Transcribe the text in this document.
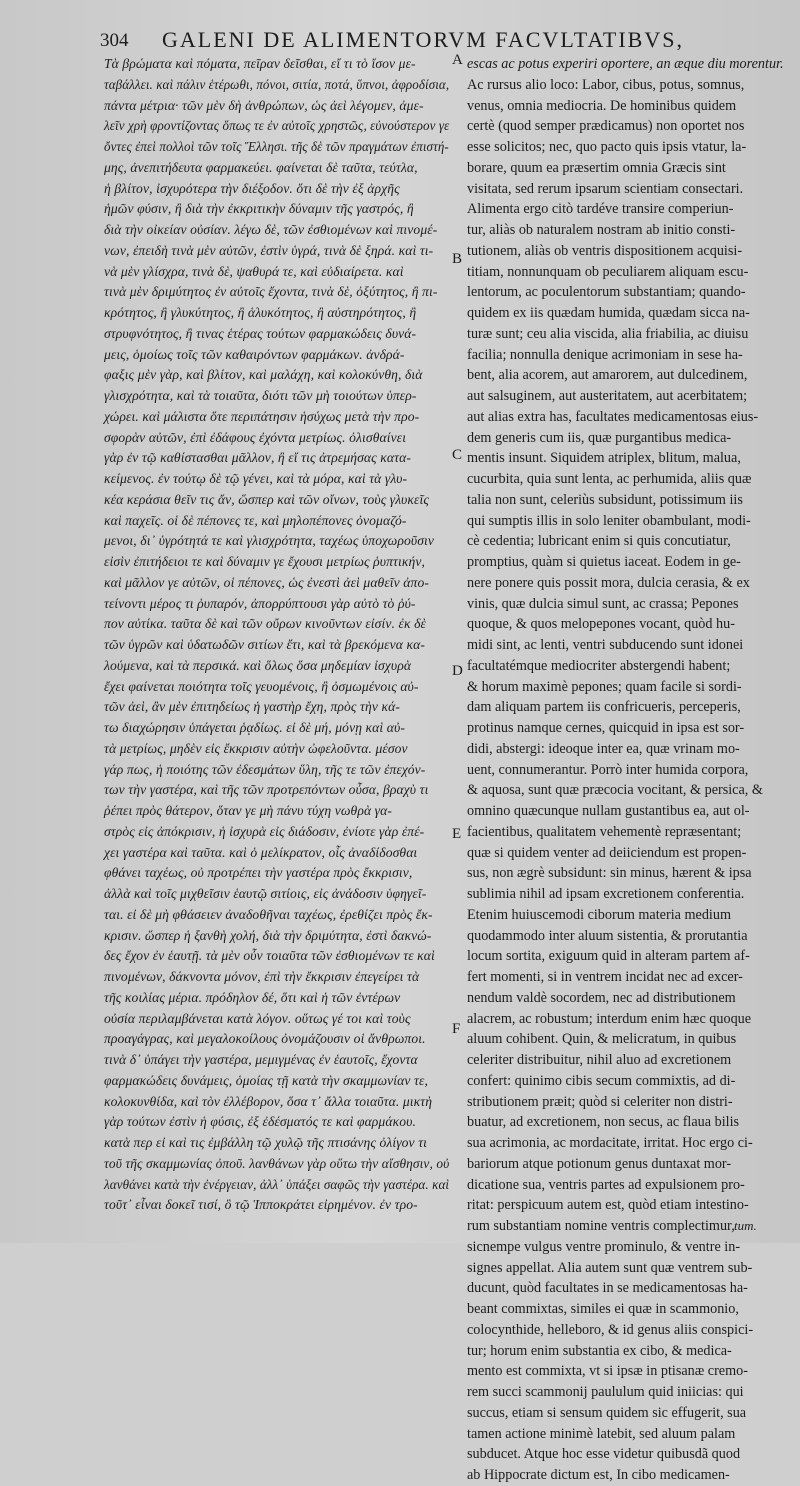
304 GALENI DE ALIMENTORVM FACVLTATIBVS,
Τὰ βρώματα καὶ πόματα, πεῖραν δεῖσθαι, εἴ τι τὸ ἴσον με-
ταβάλλει. καὶ πάλιν ἑτέρωθι, πόνοι, σιτία, ποτά, ὕπνοι, ἀφροδίσια,
πάντα μέτρια· τῶν μὲν δὴ ἀνθρώπων, ὡς ἀεὶ λέγομεν, ἀμε-
λεῖν χρὴ φροντίζοντας ὅπως τε ἐν αὐτοῖς χρηστῶς, εὐνούστερον γε
ὄντες ἐπεὶ πολλοὶ τῶν τοῖς Ἕλλησι. τῆς δὲ τῶν πραγμάτων ἐπιστή-
μης, ἀνεπιτήδευτα φαρμακεύει. φαίνεται δὲ ταῦτα, τεύτλα,
ἡ βλίτον, ἰσχυρότερα τὴν διέξοδον. ὅτι δὲ τὴν ἐξ ἀρχῆς
ἡμῶν φύσιν, ἢ διὰ τὴν ἐκκριτικὴν δύναμιν τῆς γαστρός, ἢ
διὰ τὴν οἰκείαν οὐσίαν. λέγω δὲ, τῶν ἐσθιομένων καὶ πινομέ-
νων, ἐπειδὴ τινὰ μὲν αὐτῶν, ἐστὶν ὑγρά, τινὰ δὲ ξηρά. καὶ τι-
νὰ μὲν γλίσχρα, τινὰ δὲ, ψαθυρά τε, καὶ εὐδιαίρετα. καὶ
τινὰ μὲν δριμύτητος ἐν αὐτοῖς ἔχοντα, τινὰ δὲ, ὀξύτητος, ἢ πι-
κρότητος, ἢ γλυκύτητος, ἢ ἁλυκότητος, ἢ αὐστηρότητος, ἢ
στρυφνότητος, ἢ τινας ἑτέρας τούτων φαρμακώδεις δυνά-
μεις, ὁμοίως τοῖς τῶν καθαιρόντων φαρμάκων. ἀνδρά-
φαξις μὲν γὰρ, καὶ βλίτον, καὶ μαλάχη, καὶ κολοκύνθη, διὰ
γλισχρότητα, καὶ τὰ τοιαῦτα, διότι τῶν μὴ τοιούτων ὑπερ-
χώρει. καὶ μάλιστα ὅτε περιπάτησιν ἡσύχως μετὰ τὴν προ-
σφορὰν αὐτῶν, ἐπὶ ἐδάφους ἐχόντα μετρίως. ὀλισθαίνει
γὰρ ἐν τῷ καθίστασθαι μᾶλλον, ἢ εἴ τις ἀτρεμήσας κατα-
κείμενος. ἐν τούτῳ δὲ τῷ γένει, καὶ τὰ μόρα, καὶ τὰ γλυ-
κέα κεράσια θεῖν τις ἄν, ὥσπερ καὶ τῶν οἴνων, τοὺς γλυκεῖς
καὶ παχεῖς. οἱ δὲ πέπονες τε, καὶ μηλοπέπονες ὀνομαζό-
μενοι, δι᾽ ὑγρότητά τε καὶ γλισχρότητα, ταχέως ὑποχωροῦσιν
εἰσὶν ἐπιτήδειοι τε καὶ δύναμιν γε ἔχουσι μετρίως ῥυπτικήν,
καὶ μᾶλλον γε αὐτῶν, οἱ πέπονες, ὡς ἐνεστὶ ἀεὶ μαθεῖν ἀπο-
τείνοντι μέρος τι ῥυπαρόν, ἀπορρύπτουσι γὰρ αὐτὸ τὸ ῥύ-
πον αὐτίκα. ταῦτα δὲ καὶ τῶν οὔρων κινοῦντων εἰσίν. ἐκ δὲ
τῶν ὑγρῶν καὶ ὑδατωδῶν σιτίων ἔτι, καὶ τὰ βρεκόμενα κα-
λούμενα, καὶ τὰ περσικά. καὶ ὅλως ὅσα μηδεμίαν ἰσχυρὰ
ἔχει φαίνεται ποιότητα τοῖς γευομένοις, ἢ ὀσμωμένοις αὐ-
τῶν ἀεὶ, ἂν μὲν ἐπιτηδείως ἡ γαστὴρ ἔχη, πρὸς τὴν κά-
τω διαχώρησιν ὑπάγεται ῥᾳδίως. εἰ δὲ μή, μόνῃ καὶ αὐ-
τὰ μετρίως, μηδὲν εἰς ἔκκρισιν αὐτὴν ὠφελοῦντα. μέσον
γάρ πως, ἡ ποιότης τῶν ἐδεσμάτων ὕλη, τῆς τε τῶν ἐπεχόν-
των τὴν γαστέρα, καὶ τῆς τῶν προτρεπόντων οὖσα, βραχὺ τι
ῥέπει πρὸς θάτερον, ὅταν γε μὴ πάνυ τύχη νωθρὰ γα-
στρὸς εἰς ἀπόκρισιν, ἡ ἰσχυρὰ εἰς διάδοσιν, ἐνίοτε γὰρ ἐπέ-
χει γαστέρα καὶ ταῦτα. καὶ ὁ μελίκρατον, οἷς ἀναδίδοσθαι
φθάνει ταχέως, οὐ προτρέπει τὴν γαστέρα πρὸς ἔκκρισιν,
ἀλλὰ καὶ τοῖς μιχθεῖσιν ἑαυτῷ σιτίοις, εἰς ἀνάδοσιν ὑφηγεῖ-
ται. εἰ δὲ μὴ φθάσειεν ἀναδοθῆναι ταχέως, ἐρεθίζει πρὸς ἔκ-
κρισιν. ὥσπερ ἡ ξανθὴ χολή, διὰ τὴν δριμύτητα, ἐστὶ δακνώ-
δες ἔχον ἐν ἑαυτῇ. τὰ μὲν οὖν τοιαῦτα τῶν ἐσθιομένων τε καὶ
πινομένων, δάκνοντα μόνον, ἐπὶ τὴν ἔκκρισιν ἐπεγείρει τὰ
τῆς κοιλίας μέρια. πρόδηλον δέ, ὅτι καὶ ἡ τῶν ἐντέρων
οὐσία περιλαμβάνεται κατὰ λόγον. οὕτως γέ τοι καὶ τοὺς
προαγάγρας, καὶ μεγαλοκοίλους ὀνομάζουσιν οἱ ἄνθρωποι.
τινὰ δ᾽ ὑπάγει τὴν γαστέρα, μεμιγμένας ἐν ἑαυτοῖς, ἔχοντα
φαρμακώδεις δυνάμεις, ὁμοίας τῇ κατὰ τὴν σκαμμωνίαν τε,
κολοκυνθίδα, καὶ τὸν ἐλλέβορον, ὅσα τ᾽ ἄλλα τοιαῦτα. μικτὴ
γὰρ τούτων ἐστὶν ἡ φύσις, ἐξ ἐδέσματός τε καὶ φαρμάκου.
κατὰ περ εἰ καὶ τις ἐμβάλλη τῷ χυλῷ τῆς πτισάνης ὀλίγον τι
τοῦ τῆς σκαμμωνίας ὀποῦ. λανθάνων γὰρ οὕτω τὴν αἴσθησιν, οὐ
λανθάνει κατὰ τὴν ἐνέργειαν, ἀλλ᾽ ὑπάξει σαφῶς τὴν γαστέρα. καὶ
τοῦτ᾽ εἶναι δοκεῖ τισί, ὃ τῷ Ἱπποκράτει εἰρημένον. ἐν τρο-
A
B
C
D
E
F
escas ac potus experiri oportere, an æque diu morentur.
Ac rursus alio loco: Labor, cibus, potus, somnus,
venus, omnia mediocria. De hominibus quidem
certè (quod semper prædicamus) non oportet nos
esse solicitos; nec, quo pacto quis ipsis vtatur, la-
borare, quum ea præsertim omnia Græcis sint
visitata, sed rerum ipsarum scientiam consectari.
Alimenta ergo citò tardéve transire comperiun-
tur, aliàs ob naturalem nostram ab initio consti-
tutionem, aliàs ob ventris dispositionem acquisi-
titiam, nonnunquam ob peculiarem aliquam escu-
lentorum, ac poculentorum substantiam; quando-
quidem ex iis quædam humida, quædam sicca na-
turæ sunt; ceu alia viscida, alia friabilia, ac diuisu
facilia; nonnulla denique acrimoniam in sese ha-
bent, alia acorem, aut amarorem, aut dulcedinem,
aut salsuginem, aut austeritatem, aut acerbitatem;
aut alias extra has, facultates medicamentosas eius-
dem generis cum iis, quæ purgantibus medica-
mentis insunt. Siquidem atriplex, blitum, malua,
cucurbita, quia sunt lenta, ac perhumida, aliis quæ
talia non sunt, celeriùs subsidunt, potissimum iis
qui sumptis illis in solo leniter obambulant, modi-
cè cedentia; lubricant enim si quis concutiatur,
promptius, quàm si quietus iaceat. Eodem in ge-
nere ponere quis possit mora, dulcia cerasia, & ex
vinis, quæ dulcia simul sunt, ac crassa; Pepones
quoque, & quos melopepones vocant, quòd hu-
midi sint, ac lenti, ventri subducendo sunt idonei
facultatémque mediocriter abstergendi habent;
& horum maximè pepones; quam facile si sordi-
dam aliquam partem iis confricueris, perceperis,
protinus namque cernes, quicquid in ipsa est sor-
didi, abstergi: ideoque inter ea, quæ vrinam mo-
uent, connumerantur. Porrò inter humida corpora,
& aquosa, sunt quæ præcocia vocitant, & persica, &
omnino quæcunque nullam gustantibus ea, aut ol-
facientibus, qualitatem vehementè repræsentant;
quæ si quidem venter ad deiiciendum est propen-
sus, non ægrè subsidunt: sin minus, hærent & ipsa
sublimia nihil ad ipsam excretionem conferentia.
Etenim huiuscemodi ciborum materia medium
quodammodo inter aluum sistentia, & prorutantia
locum sortita, exiguum quid in alteram partem af-
fert momenti, si in ventrem incidat nec ad excer-
nendum valdè socordem, nec ad distributionem
alacrem, ac robustum; interdum enim hæc quoque
aluum cohibent. Quin, & melicratum, in quibus
celeriter distribuitur, nihil aluo ad excretionem
confert: quinimo cibis secum commixtis, ad di-
stributionem præit; quòd si celeriter non distri-
buatur, ad excretionem, non secus, ac flaua bilis
sua acrimonia, ac mordacitate, irritat. Hoc ergo ci-
bariorum atque potionum genus duntaxat mor-
dicatione sua, ventris partes ad expulsionem pro-
ritat: perspicuum autem est, quòd etiam intestino-
rum substantiam nomine ventris complectimur,
sicnempe vulgus ventre prominulo, & ventre in-
signes appellat. Alia autem sunt quæ ventrem sub-
ducunt, quòd facultates in se medicamentosas ha-
beant commixtas, similes ei quæ in scammonio,
colocynthide, helleboro, & id genus aliis conspici-
tur; horum enim substantia ex cibo, & medica-
mento est commixta, vt si ipsæ in ptisanæ cremo-
rem succi scammonij paululum quid iniicias: qui
succus, etiam si sensum quidem sic effugerit, sua
tamen actione minimè latebit, sed aluum palam
subducet. Atque hoc esse videtur quibusdã quod
ab Hippocrate dictum est, In cibo medicamen-
tum.
